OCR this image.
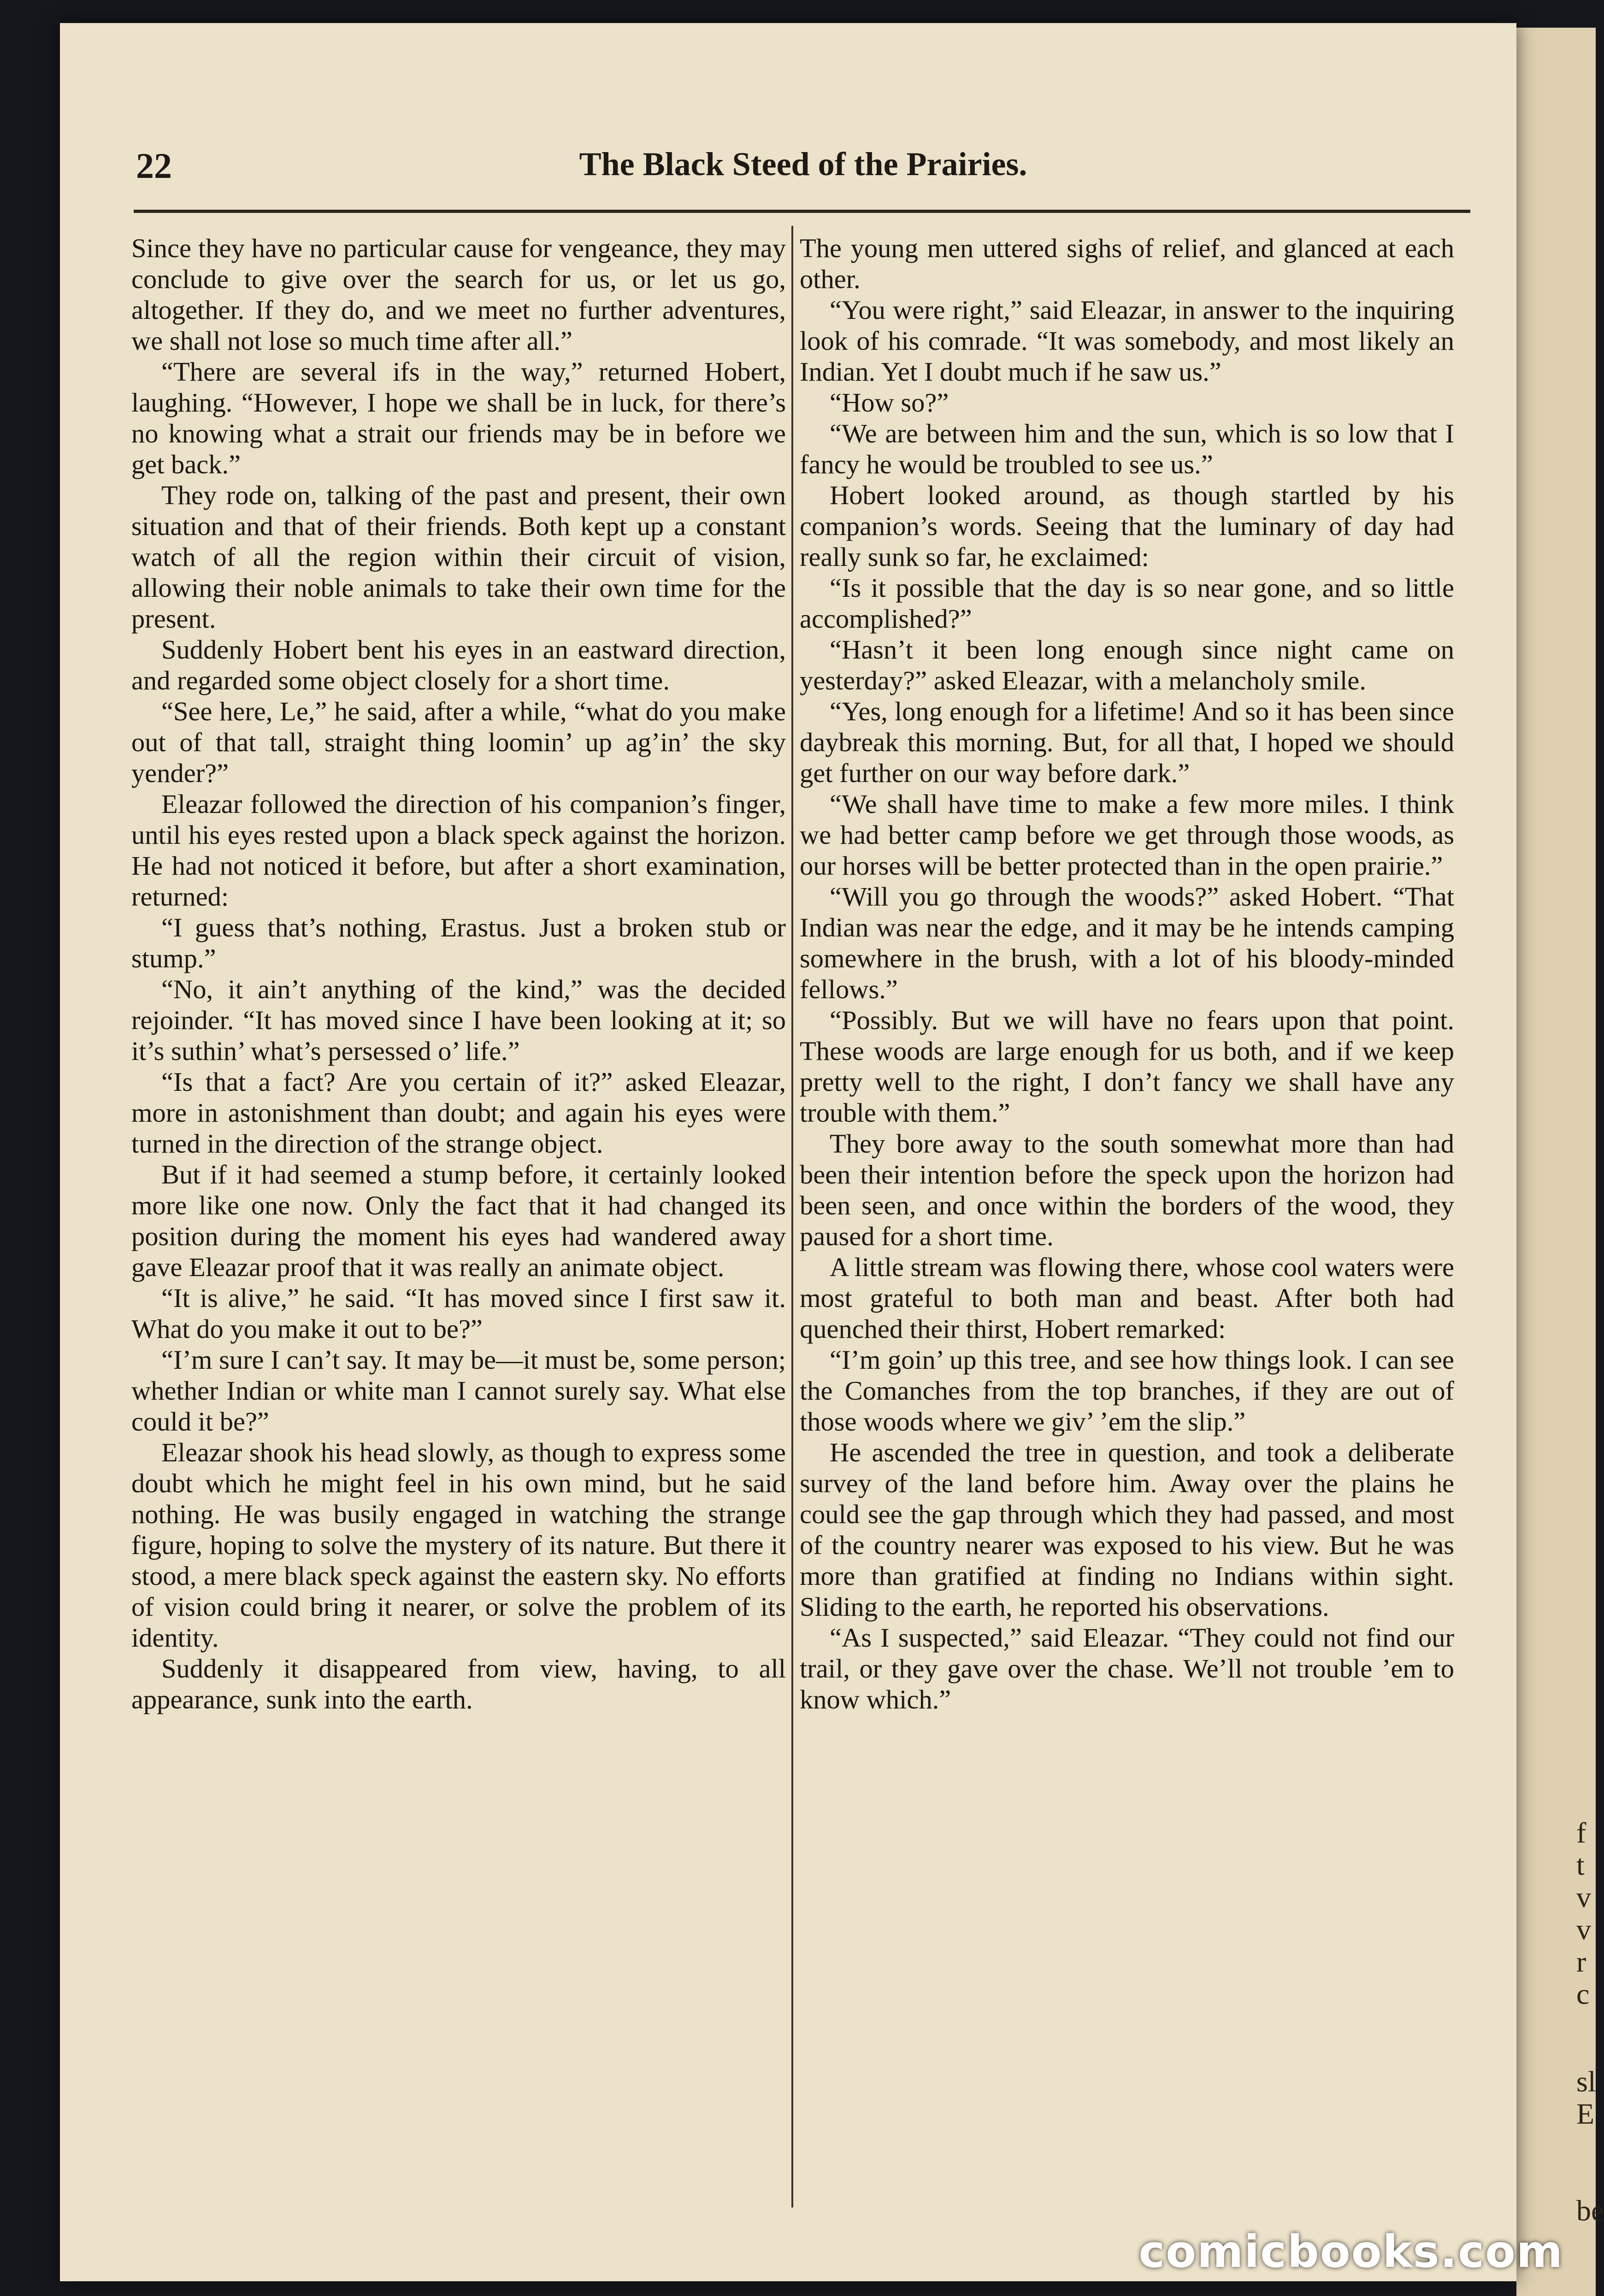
f
t
v
v
r
c
sl
E
be
22	The Black Steed of the Prairies.

Since they have no particular cause for vengeance, they may conclude to give over the search for us, or let us go, altogether. If they do, and we meet no further adventures, we shall not lose so much time after all.”

“There are several ifs in the way,” returned Hobert, laughing. “However, I hope we shall be in luck, for there’s no knowing what a strait our friends may be in before we get back.”

They rode on, talking of the past and present, their own situation and that of their friends. Both kept up a constant watch of all the region within their circuit of vision, allowing their noble animals to take their own time for the present.

Suddenly Hobert bent his eyes in an eastward direction, and regarded some object closely for a short time.

“See here, Le,” he said, after a while, “what do you make out of that tall, straight thing loomin’ up ag’in’ the sky yender?”

Eleazar followed the direction of his companion’s finger, until his eyes rested upon a black speck against the horizon. He had not noticed it before, but after a short examination, returned:

“I guess that’s nothing, Erastus. Just a broken stub or stump.”

“No, it ain’t anything of the kind,” was the decided rejoinder. “It has moved since I have been looking at it; so it’s suthin’ what’s persessed o’ life.”

“Is that a fact? Are you certain of it?” asked Eleazar, more in astonishment than doubt; and again his eyes were turned in the direction of the strange object.

But if it had seemed a stump before, it certainly looked more like one now. Only the fact that it had changed its position during the moment his eyes had wandered away gave Eleazar proof that it was really an animate object.

“It is alive,” he said. “It has moved since I first saw it. What do you make it out to be?”

“I’m sure I can’t say. It may be—it must be, some person; whether Indian or white man I cannot surely say. What else could it be?”

Eleazar shook his head slowly, as though to express some doubt which he might feel in his own mind, but he said nothing. He was busily engaged in watching the strange figure, hoping to solve the mystery of its nature. But there it stood, a mere black speck against the eastern sky. No efforts of vision could bring it nearer, or solve the problem of its identity.

Suddenly it disappeared from view, having, to all appearance, sunk into the earth.

The young men uttered sighs of relief, and glanced at each other.

“You were right,” said Eleazar, in answer to the inquiring look of his comrade. “It was somebody, and most likely an Indian. Yet I doubt much if he saw us.”

“How so?”

“We are between him and the sun, which is so low that I fancy he would be troubled to see us.”

Hobert looked around, as though startled by his companion’s words. Seeing that the luminary of day had really sunk so far, he exclaimed:

“Is it possible that the day is so near gone, and so little accomplished?”

“Hasn’t it been long enough since night came on yesterday?” asked Eleazar, with a melancholy smile.

“Yes, long enough for a lifetime! And so it has been since daybreak this morning. But, for all that, I hoped we should get further on our way before dark.”

“We shall have time to make a few more miles. I think we had better camp before we get through those woods, as our horses will be better protected than in the open prairie.”

“Will you go through the woods?” asked Hobert. “That Indian was near the edge, and it may be he intends camping somewhere in the brush, with a lot of his bloody-minded fellows.”

“Possibly. But we will have no fears upon that point. These woods are large enough for us both, and if we keep pretty well to the right, I don’t fancy we shall have any trouble with them.”

They bore away to the south somewhat more than had been their intention before the speck upon the horizon had been seen, and once within the borders of the wood, they paused for a short time.

A little stream was flowing there, whose cool waters were most grateful to both man and beast. After both had quenched their thirst, Hobert remarked:

“I’m goin’ up this tree, and see how things look. I can see the Comanches from the top branches, if they are out of those woods where we giv’ ’em the slip.”

He ascended the tree in question, and took a deliberate survey of the land before him. Away over the plains he could see the gap through which they had passed, and most of the country nearer was exposed to his view. But he was more than gratified at finding no Indians within sight. Sliding to the earth, he reported his observations.

“As I suspected,” said Eleazar. “They could not find our trail, or they gave over the chase. We’ll not trouble ’em to know which.”

comicbooks.com
